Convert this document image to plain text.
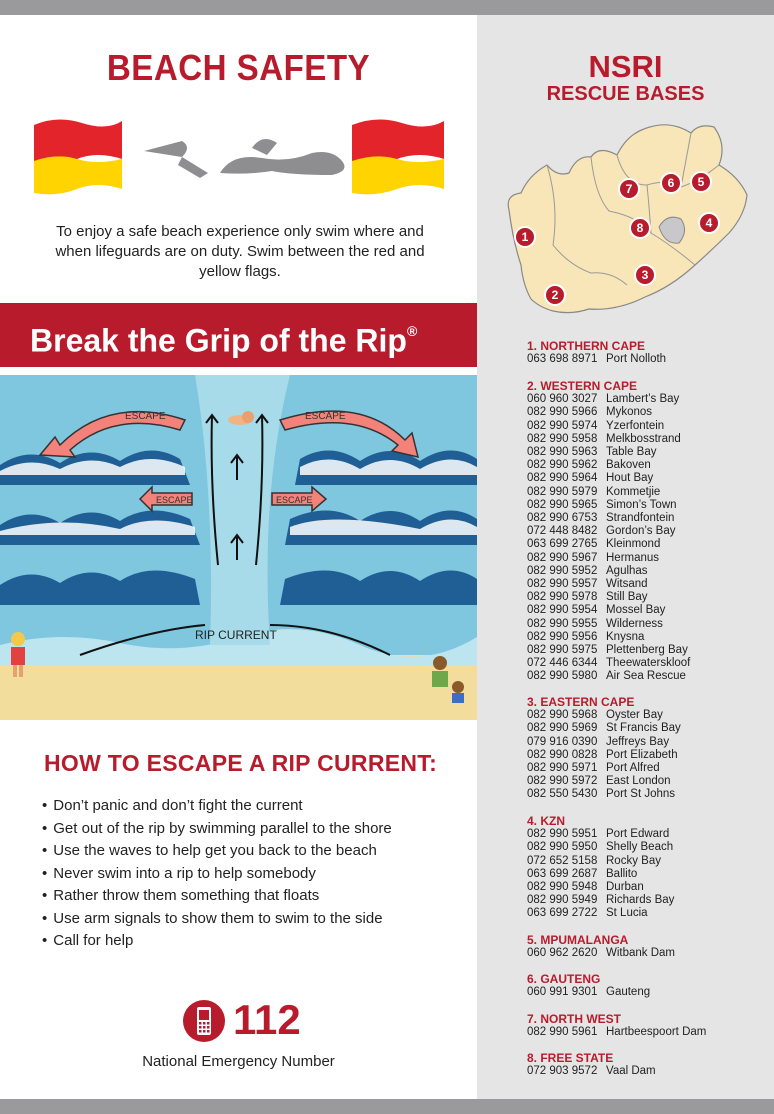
BEACH SAFETY
To enjoy a safe beach experience only swim where and when lifeguards are on duty. Swim between the red and yellow flags.
Break the Grip of the Rip®
ESCAPE	ESCAPE
ESCAPE	ESCAPE
RIP CURRENT
HOW TO ESCAPE A RIP CURRENT:
• Don’t panic and don’t fight the current
• Get out of the rip by swimming parallel to the shore
• Use the waves to help get you back to the beach
• Never swim into a rip to help somebody
• Rather throw them something that floats
• Use arm signals to show them to swim to the side
• Call for help
112
National Emergency Number
NSRI
RESCUE BASES
1
2
3
4
5
6
7
8
1. NORTHERN CAPE
063 698 8971 Port Nolloth
2. WESTERN CAPE
060 960 3027 Lambert’s Bay
082 990 5966 Mykonos
082 990 5974 Yzerfontein
082 990 5958 Melkbosstrand
082 990 5963 Table Bay
082 990 5962 Bakoven
082 990 5964 Hout Bay
082 990 5979 Kommetjie
082 990 5965 Simon’s Town
082 990 6753 Strandfontein
072 448 8482 Gordon’s Bay
063 699 2765 Kleinmond
082 990 5967 Hermanus
082 990 5952 Agulhas
082 990 5957 Witsand
082 990 5978 Still Bay
082 990 5954 Mossel Bay
082 990 5955 Wilderness
082 990 5956 Knysna
082 990 5975 Plettenberg Bay
072 446 6344 Theewaterskloof
082 990 5980 Air Sea Rescue
3. EASTERN CAPE
082 990 5968 Oyster Bay
082 990 5969 St Francis Bay
079 916 0390 Jeffreys Bay
082 990 0828 Port Elizabeth
082 990 5971 Port Alfred
082 990 5972 East London
082 550 5430 Port St Johns
4. KZN
082 990 5951 Port Edward
082 990 5950 Shelly Beach
072 652 5158 Rocky Bay
063 699 2687 Ballito
082 990 5948 Durban
082 990 5949 Richards Bay
063 699 2722 St Lucia
5. MPUMALANGA
060 962 2620 Witbank Dam
6. GAUTENG
060 991 9301 Gauteng
7. NORTH WEST
082 990 5961 Hartbeespoort Dam
8. FREE STATE
072 903 9572 Vaal Dam
